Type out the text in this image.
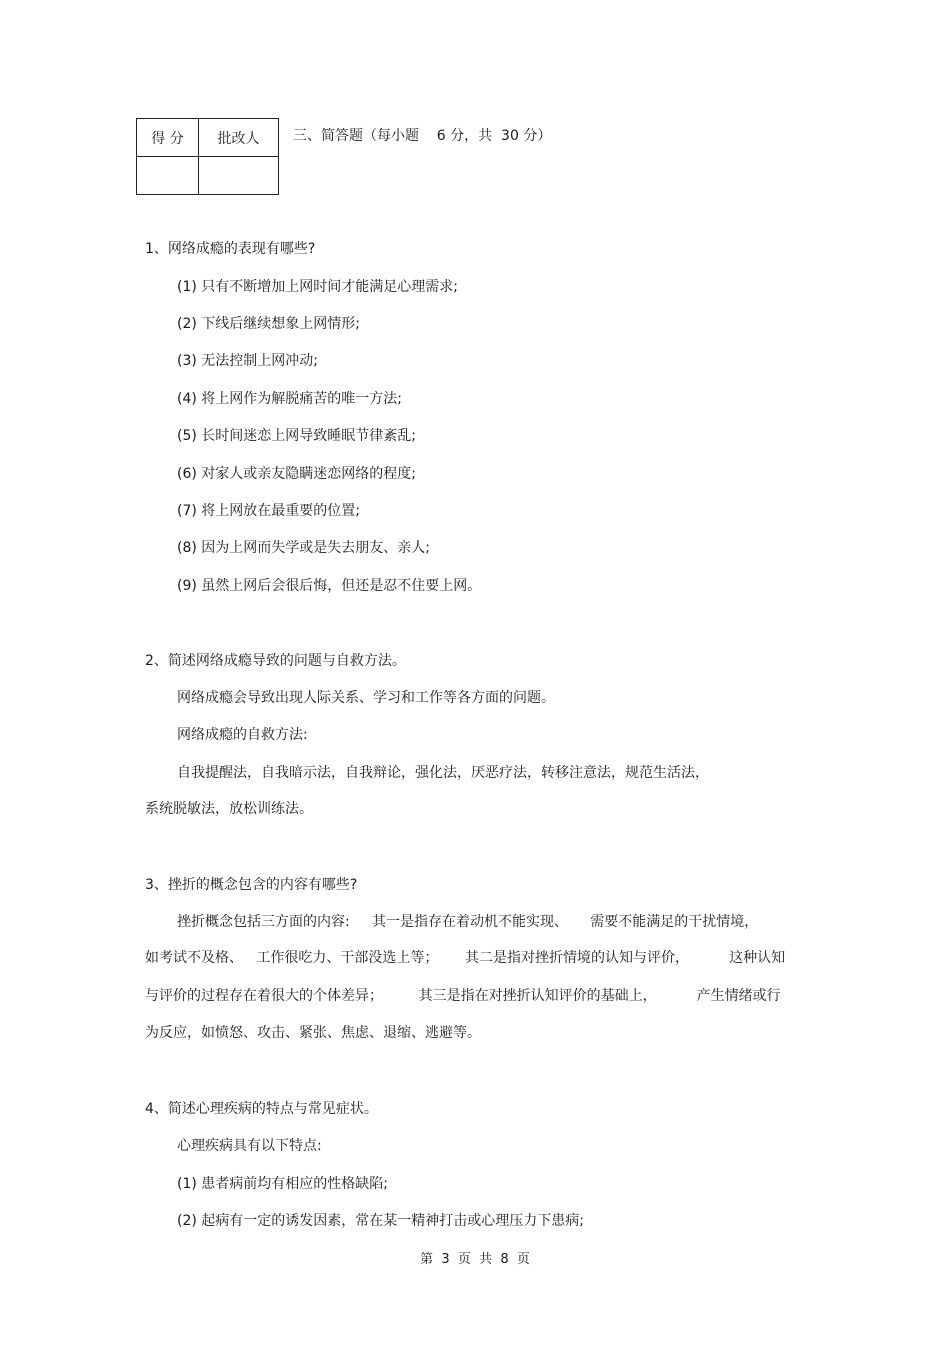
得 分	批改人
	三、简答题（每小题    6 分，共  30 分）
1、网络成瘾的表现有哪些?
(1) 只有不断增加上网时间才能满足心理需求;
(2) 下线后继续想象上网情形;
(3) 无法控制上网冲动;
(4) 将上网作为解脱痛苦的唯一方法;
(5) 长时间迷恋上网导致睡眠节律紊乱;
(6) 对家人或亲友隐瞒迷恋网络的程度;
(7) 将上网放在最重要的位置;
(8) 因为上网而失学或是失去朋友、亲人;
(9) 虽然上网后会很后悔，但还是忍不住要上网。
2、简述网络成瘾导致的问题与自救方法。
网络成瘾会导致出现人际关系、学习和工作等各方面的问题。
网络成瘾的自救方法:
自我提醒法，自我暗示法，自我辩论，强化法，厌恶疗法，转移注意法，规范生活法，
系统脱敏法，放松训练法。
3、挫折的概念包含的内容有哪些?
挫折概念包括三方面的内容:     其一是指存在着动机不能实现、     需要不能满足的干扰情境，
如考试不及格、   工作很吃力、干部没选上等；      其二是指对挫折情境的认知与评价，         这种认知
与评价的过程存在着很大的个体差异；        其三是指在对挫折认知评价的基础上，         产生情绪或行
为反应，如愤怒、攻击、紧张、焦虑、退缩、逃避等。
4、简述心理疾病的特点与常见症状。
心理疾病具有以下特点:
(1) 患者病前均有相应的性格缺陷;
(2) 起病有一定的诱发因素，常在某一精神打击或心理压力下患病;
第  3  页  共  8  页
